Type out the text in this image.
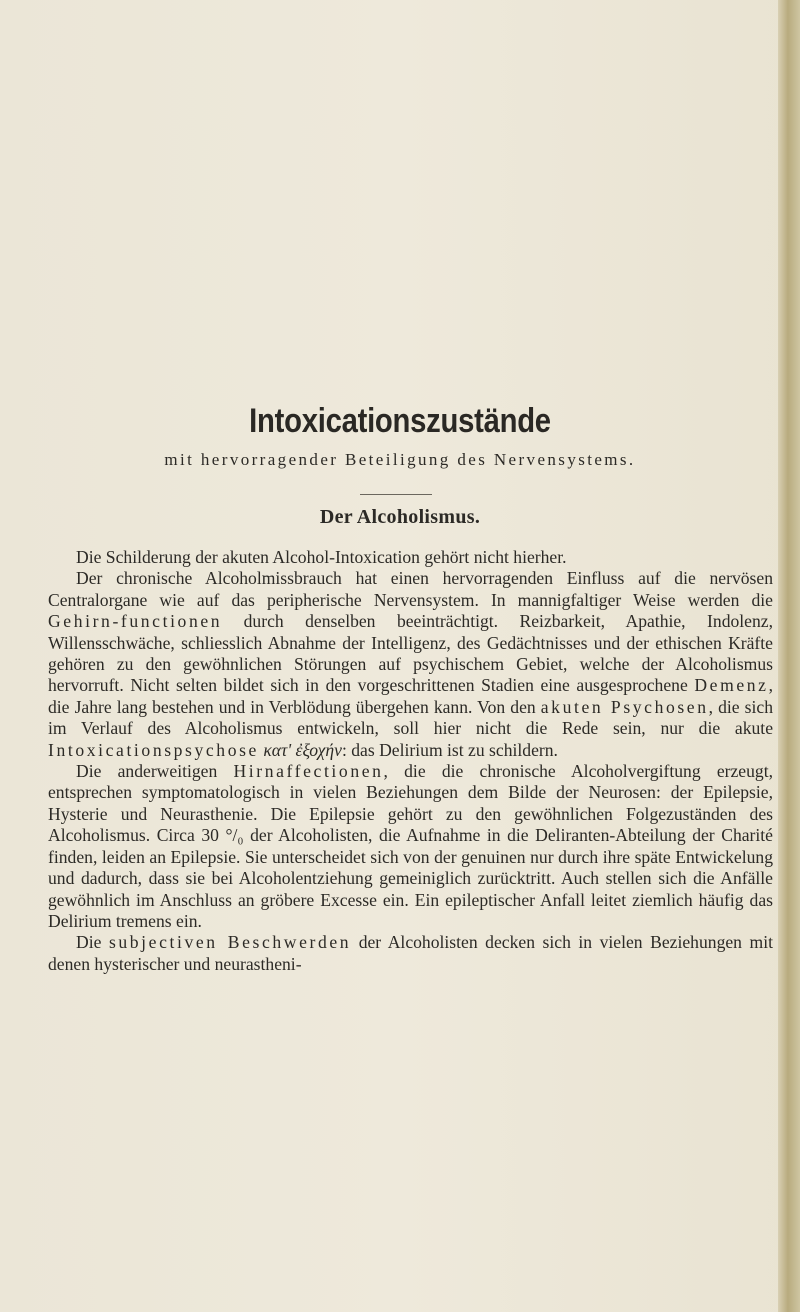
Intoxicationszustände
mit hervorragender Beteiligung des Nervensystems.
Der Alcoholismus.

Die Schilderung der akuten Alcohol-Intoxication gehört nicht hierher.

Der chronische Alcoholmissbrauch hat einen hervorragenden Einfluss auf die nervösen Centralorgane wie auf das peripherische Nervensystem. In mannigfaltiger Weise werden die Gehirn-functionen durch denselben beeinträchtigt. Reizbarkeit, Apathie, Indolenz, Willensschwäche, schliesslich Abnahme der Intelligenz, des Gedächtnisses und der ethischen Kräfte gehören zu den gewöhnlichen Störungen auf psychischem Gebiet, welche der Alcoholismus hervorruft. Nicht selten bildet sich in den vorgeschrittenen Stadien eine ausgesprochene Demenz, die Jahre lang bestehen und in Verblödung übergehen kann. Von den akuten Psychosen, die sich im Verlauf des Alcoholismus entwickeln, soll hier nicht die Rede sein, nur die akute Intoxicationspsychose κατ' ἐξοχήν: das Delirium ist zu schildern.

Die anderweitigen Hirnaffectionen, die die chronische Alcoholvergiftung erzeugt, entsprechen symptomatologisch in vielen Beziehungen dem Bilde der Neurosen: der Epilepsie, Hysterie und Neurasthenie. Die Epilepsie gehört zu den gewöhnlichen Folgezuständen des Alcoholismus. Circa 30 °/₀ der Alcoholisten, die Aufnahme in die Deliranten-Abteilung der Charité finden, leiden an Epilepsie. Sie unterscheidet sich von der genuinen nur durch ihre späte Entwickelung und dadurch, dass sie bei Alcoholentziehung gemeiniglich zurücktritt. Auch stellen sich die Anfälle gewöhnlich im Anschluss an gröbere Excesse ein. Ein epileptischer Anfall leitet ziemlich häufig das Delirium tremens ein.

Die subjectiven Beschwerden der Alcoholisten decken sich in vielen Beziehungen mit denen hysterischer und neurastheni-
